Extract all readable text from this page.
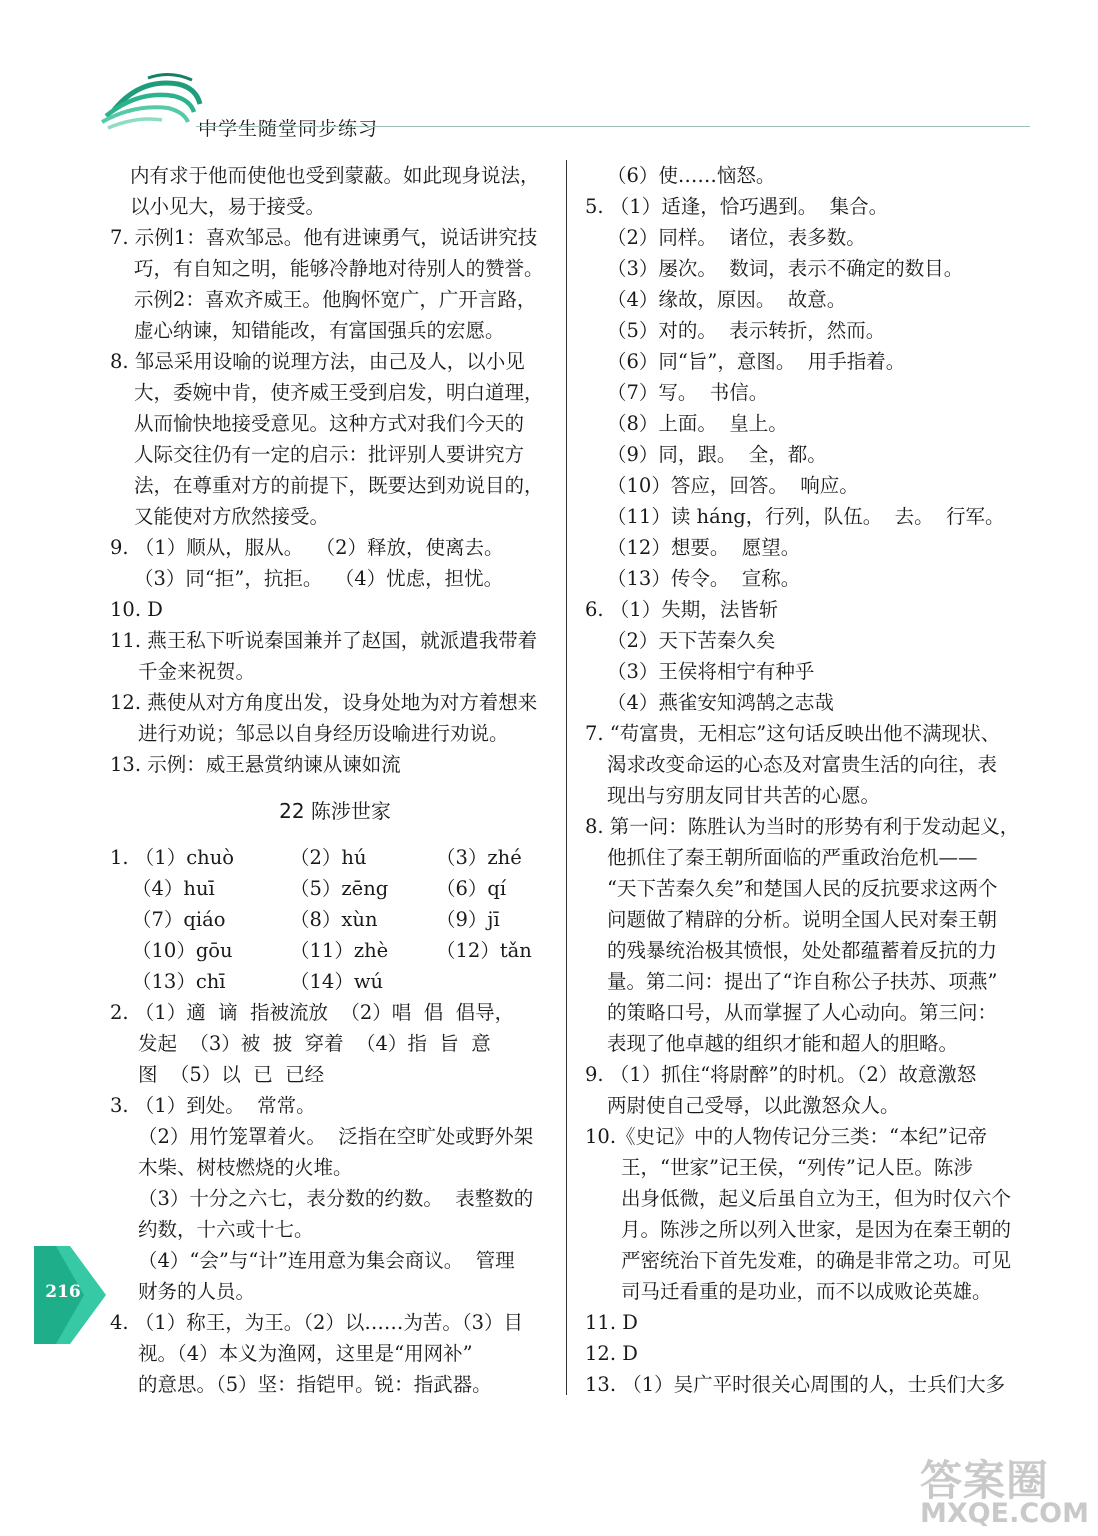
中学生随堂同步练习
内有求于他而使他也受到蒙蔽。如此现身说法，
以小见大，易于接受。
7. 示例1：喜欢邹忌。他有进谏勇气，说话讲究技
巧，有自知之明，能够冷静地对待别人的赞誉。
示例2：喜欢齐威王。他胸怀宽广，广开言路，
虚心纳谏，知错能改，有富国强兵的宏愿。
8. 邹忌采用设喻的说理方法，由己及人，以小见
大，委婉中肯，使齐威王受到启发，明白道理，
从而愉快地接受意见。这种方式对我们今天的
人际交往仍有一定的启示：批评别人要讲究方
法，在尊重对方的前提下，既要达到劝说目的，
又能使对方欣然接受。
9. （1）顺从，服从。  （2）释放，使离去。
（3）同“拒”，抗拒。  （4）忧虑，担忧。
10. D
11. 燕王私下听说秦国兼并了赵国，就派遣我带着
千金来祝贺。
12. 燕使从对方角度出发，设身处地为对方着想来
进行劝说；邹忌以自身经历设喻进行劝说。
13. 示例：威王悬赏纳谏从谏如流
22 陈涉世家
1. （1）chuò	（2）hú	（3）zhé
（4）huī	（5）zēng （6）qí
（7）qiáo	（8）xùn	（9）jī
（10）gōu	（11）zhè （12）tǎn
（13）chī	（14）wú
2. （1）適  谪  指被流放  （2）唱  倡  倡导，
发起  （3）被  披  穿着  （4）指  旨  意
图  （5）以  已  已经
3. （1）到处。  常常。
（2）用竹笼罩着火。  泛指在空旷处或野外架
木柴、树枝燃烧的火堆。
（3）十分之六七，表分数的约数。  表整数的
约数，十六或十七。
（4）“会”与“计”连用意为集会商议。  管理
财务的人员。
4. （1）称王，为王。（2）以……为苦。（3）目
视。（4）本义为渔网，这里是“用网补”
的意思。（5）坚：指铠甲。锐：指武器。
（6）使……恼怒。
5. （1）适逢，恰巧遇到。  集合。
（2）同样。  诸位，表多数。
（3）屡次。  数词，表示不确定的数目。
（4）缘故，原因。  故意。
（5）对的。  表示转折，然而。
（6）同“旨”，意图。  用手指着。
（7）写。  书信。
（8）上面。  皇上。
（9）同，跟。  全，都。
（10）答应，回答。  响应。
（11）读 háng，行列，队伍。  去。  行军。
（12）想要。  愿望。
（13）传令。  宣称。
6. （1）失期，法皆斩
（2）天下苦秦久矣
（3）王侯将相宁有种乎
（4）燕雀安知鸿鹄之志哉
7. “苟富贵，无相忘”这句话反映出他不满现状、
渴求改变命运的心态及对富贵生活的向往，表
现出与穷朋友同甘共苦的心愿。
8. 第一问：陈胜认为当时的形势有利于发动起义，
他抓住了秦王朝所面临的严重政治危机——
“天下苦秦久矣”和楚国人民的反抗要求这两个
问题做了精辟的分析。说明全国人民对秦王朝
的残暴统治极其愤恨，处处都蕴蓄着反抗的力
量。第二问：提出了“诈自称公子扶苏、项燕”
的策略口号，从而掌握了人心动向。第三问：
表现了他卓越的组织才能和超人的胆略。
9. （1）抓住“将尉醉”的时机。（2）故意激怒
两尉使自己受辱，以此激怒众人。
10.《史记》中的人物传记分三类：“本纪”记帝
王，“世家”记王侯，“列传”记人臣。陈涉
出身低微，起义后虽自立为王，但为时仅六个
月。陈涉之所以列入世家，是因为在秦王朝的
严密统治下首先发难，的确是非常之功。可见
司马迁看重的是功业，而不以成败论英雄。
11. D
12. D
13. （1）吴广平时很关心周围的人，士兵们大多
216
答案圈
MXQE.COM
